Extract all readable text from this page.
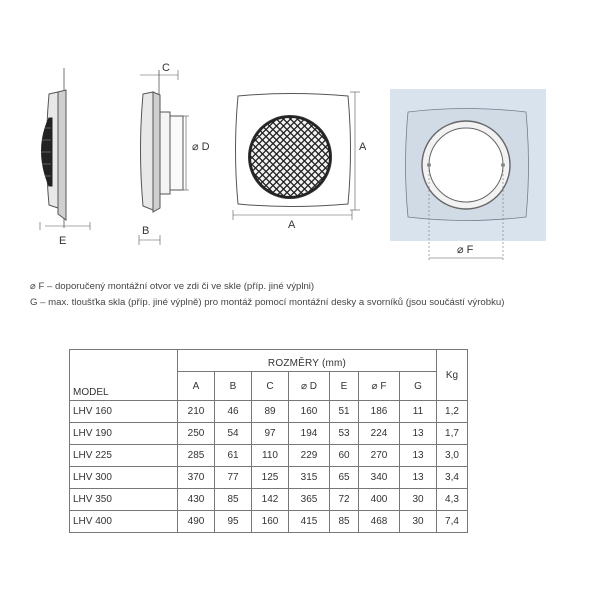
E
C
⌀ D
B
A
A
⌀ F
⌀ F – doporučený montážní otvor ve zdi či ve skle (příp. jiné výplni)
G – max. tloušťka skla (příp. jiné výplně) pro montáž pomocí montážní desky a svorníků (jsou součástí výrobku)
MODEL	ROZMĚRY (mm)							Kg
	A	B	C	⌀ D	E	⌀ F	G	
LHV 160	210	46	89	160	51	186	11	1,2
LHV 190	250	54	97	194	53	224	13	1,7
LHV 225	285	61	110	229	60	270	13	3,0
LHV 300	370	77	125	315	65	340	13	3,4
LHV 350	430	85	142	365	72	400	30	4,3
LHV 400	490	95	160	415	85	468	30	7,4
